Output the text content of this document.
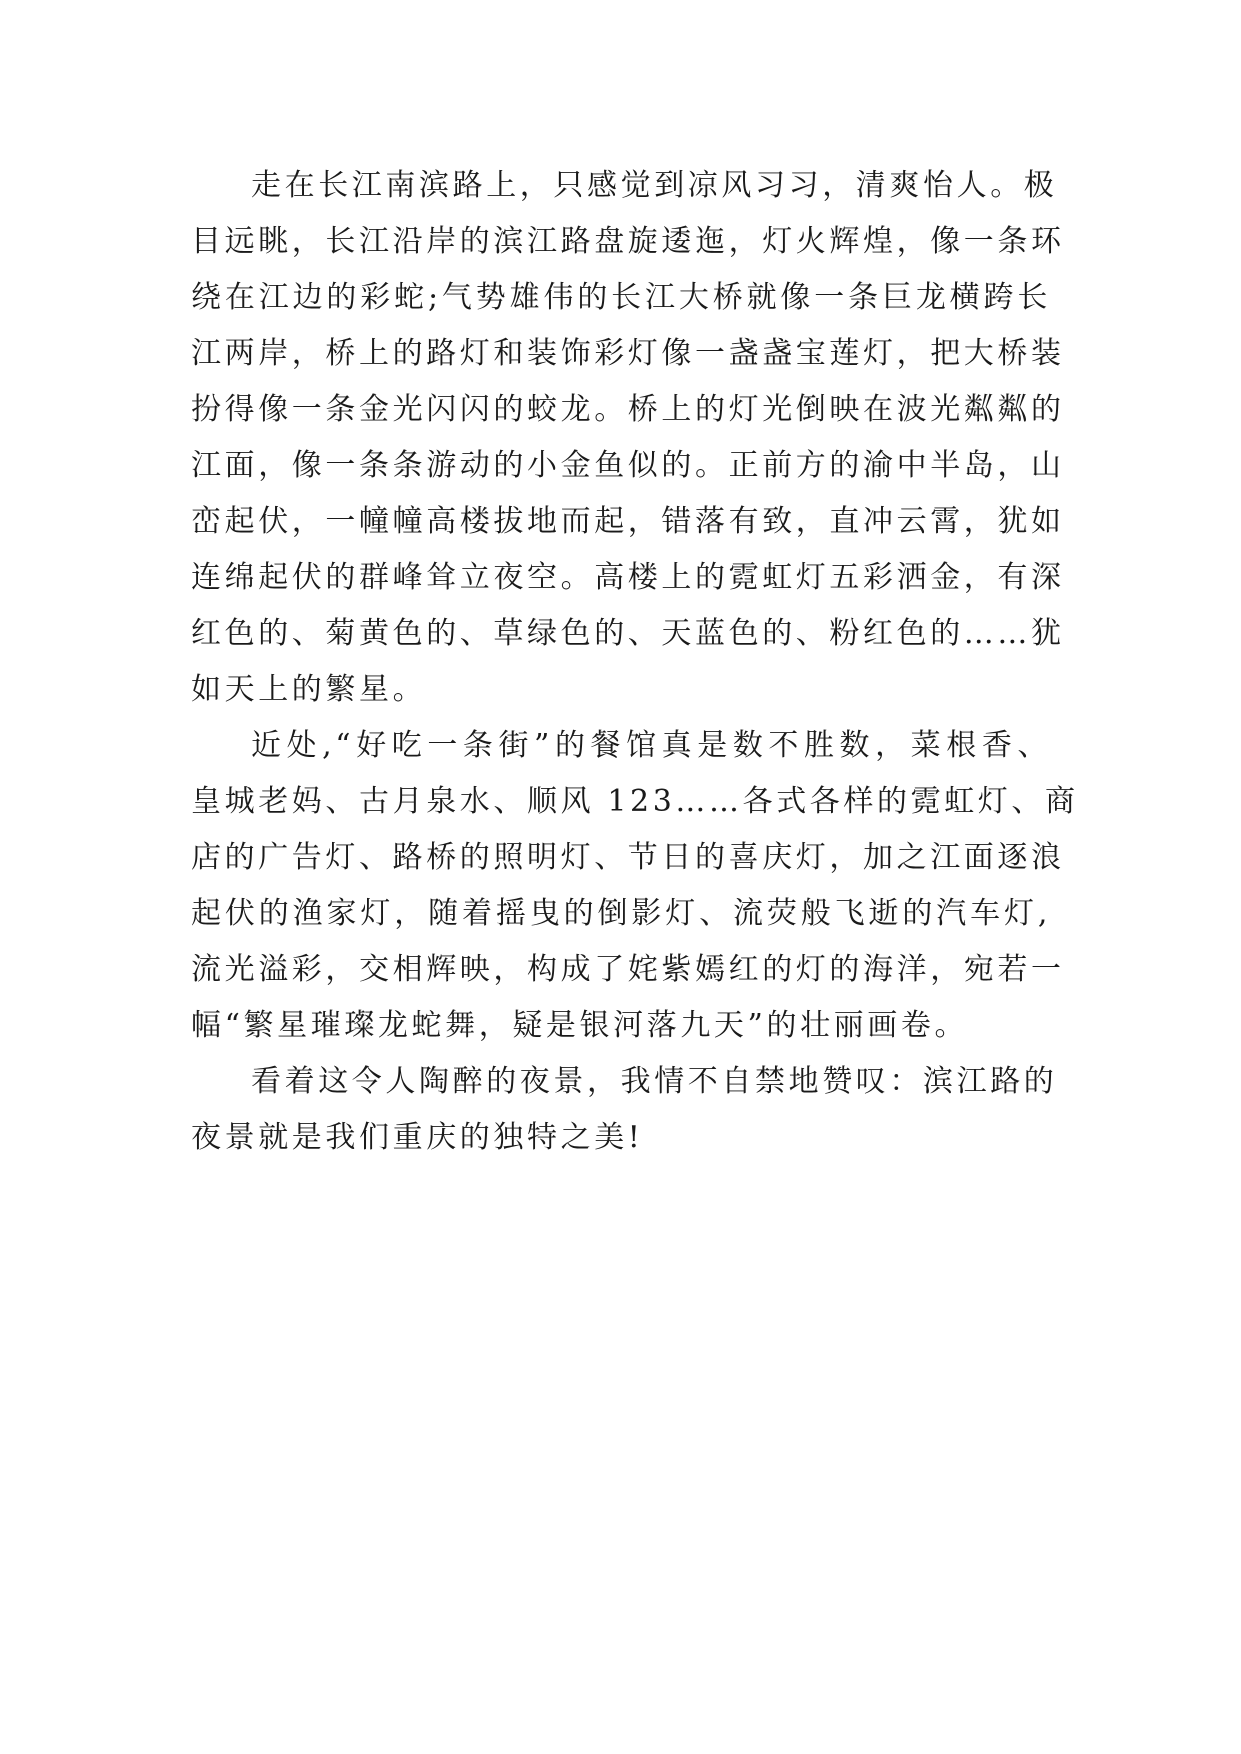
走在长江南滨路上，只感觉到凉风习习，清爽怡人。极
目远眺，长江沿岸的滨江路盘旋逶迤，灯火辉煌，像一条环
绕在江边的彩蛇;气势雄伟的长江大桥就像一条巨龙横跨长
江两岸，桥上的路灯和装饰彩灯像一盏盏宝莲灯，把大桥装
扮得像一条金光闪闪的蛟龙。桥上的灯光倒映在波光粼粼的
江面，像一条条游动的小金鱼似的。正前方的渝中半岛，山
峦起伏，一幢幢高楼拔地而起，错落有致，直冲云霄，犹如
连绵起伏的群峰耸立夜空。高楼上的霓虹灯五彩洒金，有深
红色的、菊黄色的、草绿色的、天蓝色的、粉红色的……犹
如天上的繁星。

近处,“好吃一条街”的餐馆真是数不胜数，菜根香、
皇城老妈、古月泉水、顺风 123……各式各样的霓虹灯、商
店的广告灯、路桥的照明灯、节日的喜庆灯，加之江面逐浪
起伏的渔家灯，随着摇曳的倒影灯、流荧般飞逝的汽车灯,
流光溢彩，交相辉映，构成了姹紫嫣红的灯的海洋，宛若一
幅“繁星璀璨龙蛇舞，疑是银河落九天”的壮丽画卷。

看着这令人陶醉的夜景，我情不自禁地赞叹：滨江路的
夜景就是我们重庆的独特之美!
